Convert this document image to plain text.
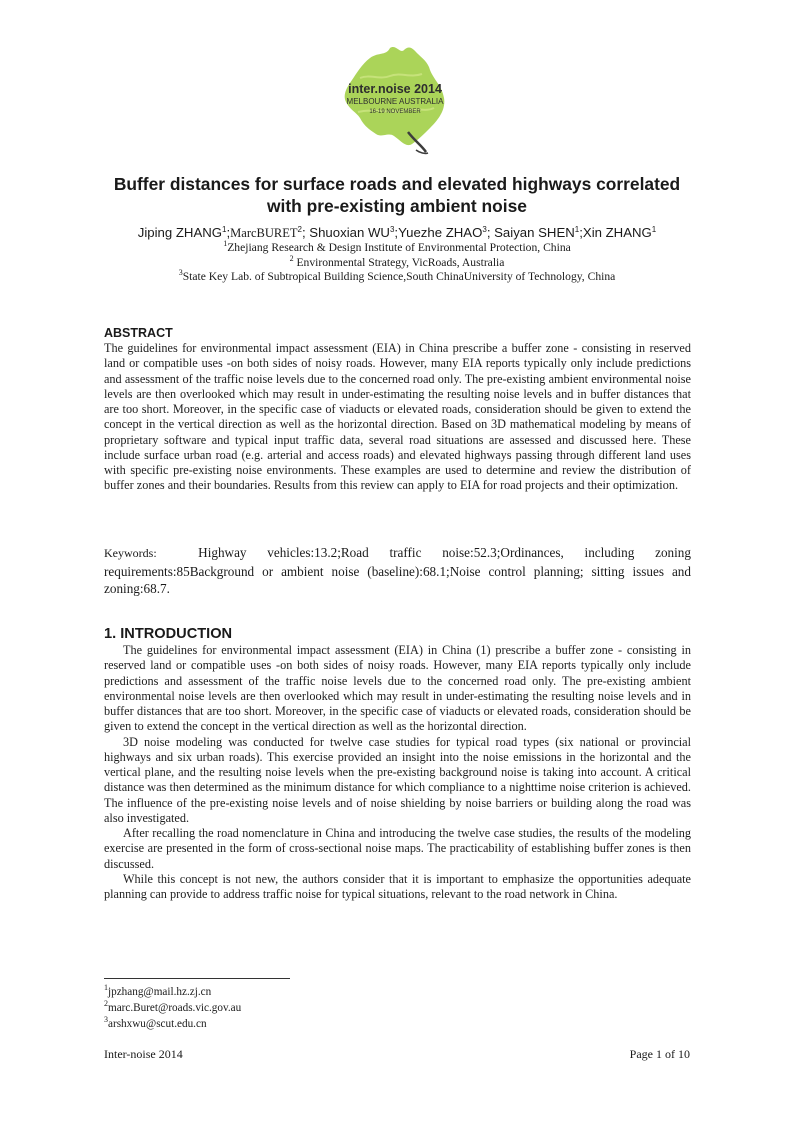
inter.noise 2014
MELBOURNE AUSTRALIA
16-19 NOVEMBER
Buffer distances for surface roads and elevated highways correlated
with pre-existing ambient noise
Jiping ZHANG$^1$;MarcBURET$^2$; Shuoxian $WU^3;Yuezhe$ ZHAO$^3$; Saiyan SHEN$^1$;Xin ZHANG$^1$
$^1$Zhejiang Research & Design Institute of Environmental Protection, China
$^2$ Environmental Strategy, VicRoads, Australia
$^3$State Key Lab. of Subtropical Building Science,South ChinaUniversity of Technology, China
ABSTRACT

The guidelines for environmental impact assessment (EIA) in China prescribe a buffer zone - consisting in reserved land or compatible uses -on both sides of noisy roads. However, many EIA reports typically only include predictions and assessment of the traffic noise levels due to the concerned road only. The pre-existing ambient environmental noise levels are then overlooked which may result in under-estimating the resulting noise levels and in buffer distances that are too short. Moreover, in the specific case of viaducts or elevated roads, consideration should be given to extend the concept in the vertical direction as well as the horizontal direction. Based on 3D mathematical modeling by means of proprietary software and typical input traffic data, several road situations are assessed and discussed here. These include surface urban road (e.g. arterial and access roads) and elevated highways passing through different land uses with specific pre-existing noise environments. These examples are used to determine and review the distribution of buffer zones and their boundaries. Results from this review can apply to EIA for road projects and their optimization.

Keywords:	Highway vehicles:13.2;Road traffic noise:52.3;Ordinances, including zoning requirements:85Background or ambient noise (baseline):68.1;Noise control planning; sitting issues and zoning:68.7.

1. INTRODUCTION

The guidelines for environmental impact assessment (EIA) in China (1) prescribe a buffer zone - consisting in reserved land or compatible uses -on both sides of noisy roads. However, many EIA reports typically only include predictions and assessment of the traffic noise levels due to the concerned road only. The pre-existing ambient environmental noise levels are then overlooked which may result in under-estimating the resulting noise levels and in buffer distances that are too short. Moreover, in the specific case of viaducts or elevated roads, consideration should be given to extend the concept in the vertical direction as well as the horizontal direction.

3D noise modeling was conducted for twelve case studies for typical road types (six national or provincial highways and six urban roads). This exercise provided an insight into the noise emissions in the horizontal and the vertical plane, and the resulting noise levels when the pre-existing background noise is taking into account. A critical distance was then determined as the minimum distance for which compliance to a nighttime noise criterion is achieved. The influence of the pre-existing noise levels and of noise shielding by noise barriers or building along the road was also investigated.

After recalling the road nomenclature in China and introducing the twelve case studies, the results of the modeling exercise are presented in the form of cross-sectional noise maps. The practicability of establishing buffer zones is then discussed.

While this concept is not new, the authors consider that it is important to emphasize the opportunities adequate planning can provide to address traffic noise for typical situations, relevant to the road network in China.

$^1$jpzhang@mail.hz.zj.cn
$^2$marc.Buret@roads.vic.gov.au
$^3$arshxwu@scut.edu.cn
Inter-noise 2014	Page 1 of 10
